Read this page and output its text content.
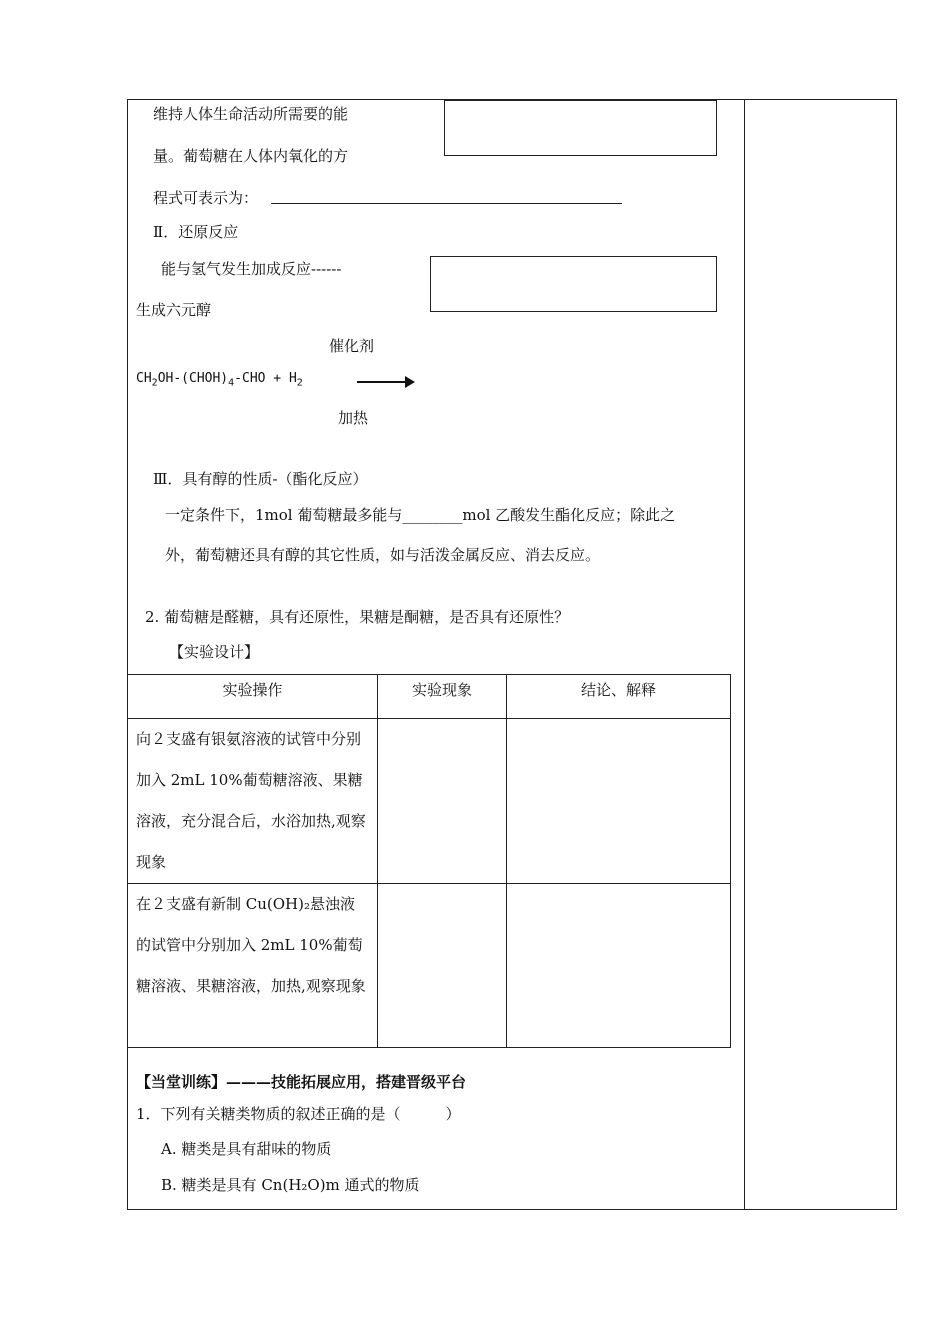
维持人体生命活动所需要的能
量。葡萄糖在人体内氧化的方
程式可表示为：
Ⅱ．还原反应
能与氢气发生加成反应------
生成六元醇
催化剂
$CH_2OH-(CHOH)_4$-CHO + $H_2$
加热
Ⅲ．具有醇的性质-（酯化反应）
一定条件下，1mol 葡萄糖最多能与________mol 乙酸发生酯化反应；除此之
外，葡萄糖还具有醇的其它性质，如与活泼金属反应、消去反应。
2. 葡萄糖是醛糖，具有还原性，果糖是酮糖，是否具有还原性？
【实验设计】
实验操作	实验现象	结论、解释
向２支盛有银氨溶液的试管中分别加入 2mL 10%葡萄糖溶液、果糖溶液，充分混合后，水浴加热,观察现象		
在２支盛有新制 Cu(OH)₂悬浊液的试管中分别加入 2mL 10%葡萄糖溶液、果糖溶液，加热,观察现象		
【当堂训练】———技能拓展应用，搭建晋级平台
1．下列有关糖类物质的叙述正确的是（　　　）
A. 糖类是具有甜味的物质
B. 糖类是具有 Cn(H₂O)m 通式的物质
